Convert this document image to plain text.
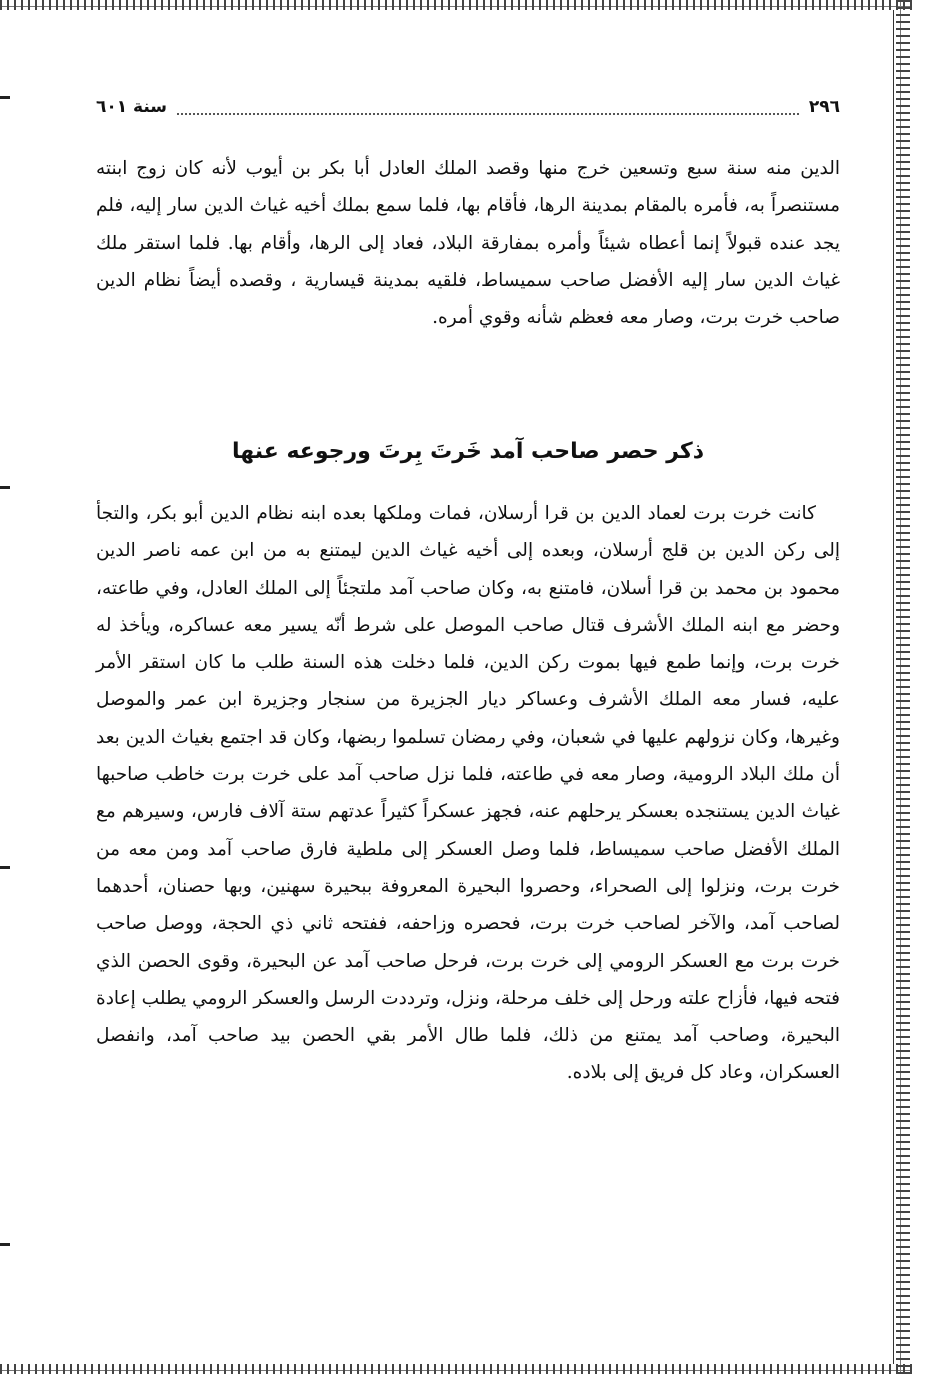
٢٩٦
سنة ٦٠١

الدين منه سنة سبع وتسعين خرج منها وقصد الملك العادل أبا بكر بن أيوب لأنه كان زوج ابنته مستنصراً به، فأمره بالمقام بمدينة الرها، فأقام بها، فلما سمع بملك أخيه غياث الدين سار إليه، فلم يجد عنده قبولاً إنما أعطاه شيئاً وأمره بمفارقة البلاد، فعاد إلى الرها، وأقام بها. فلما استقر ملك غياث الدين سار إليه الأفضل صاحب سميساط، فلقيه بمدينة قيسارية ، وقصده أيضاً نظام الدين صاحب خرت برت، وصار معه فعظم شأنه وقوي أمره.

ذكر حصر صاحب آمد خَرتَ بِرتَ ورجوعه عنها

كانت خرت برت لعماد الدين بن قرا أرسلان، فمات وملكها بعده ابنه نظام الدين أبو بكر، والتجأ إلى ركن الدين بن قلج أرسلان، وبعده إلى أخيه غياث الدين ليمتنع به من ابن عمه ناصر الدين محمود بن محمد بن قرا أسلان، فامتنع به، وكان صاحب آمد ملتجئاً إلى الملك العادل، وفي طاعته، وحضر مع ابنه الملك الأشرف قتال صاحب الموصل على شرط أنّه يسير معه عساكره، ويأخذ له خرت برت، وإنما طمع فيها بموت ركن الدين، فلما دخلت هذه السنة طلب ما كان استقر الأمر عليه، فسار معه الملك الأشرف وعساكر ديار الجزيرة من سنجار وجزيرة ابن عمر والموصل وغيرها، وكان نزولهم عليها في شعبان، وفي رمضان تسلموا ربضها، وكان قد اجتمع بغياث الدين بعد أن ملك البلاد الرومية، وصار معه في طاعته، فلما نزل صاحب آمد على خرت برت خاطب صاحبها غياث الدين يستنجده بعسكر يرحلهم عنه، فجهز عسكراً كثيراً عدتهم ستة آلاف فارس، وسيرهم مع الملك الأفضل صاحب سميساط، فلما وصل العسكر إلى ملطية فارق صاحب آمد ومن معه من خرت برت، ونزلوا إلى الصحراء، وحصروا البحيرة المعروفة ببحيرة سهنين، وبها حصنان، أحدهما لصاحب آمد، والآخر لصاحب خرت برت، فحصره وزاحفه، ففتحه ثاني ذي الحجة، ووصل صاحب خرت برت مع العسكر الرومي إلى خرت برت، فرحل صاحب آمد عن البحيرة، وقوى الحصن الذي فتحه فيها، فأزاح علته ورحل إلى خلف مرحلة، ونزل، وترددت الرسل والعسكر الرومي يطلب إعادة البحيرة، وصاحب آمد يمتنع من ذلك، فلما طال الأمر بقي الحصن بيد صاحب آمد، وانفصل العسكران، وعاد كل فريق إلى بلاده.
